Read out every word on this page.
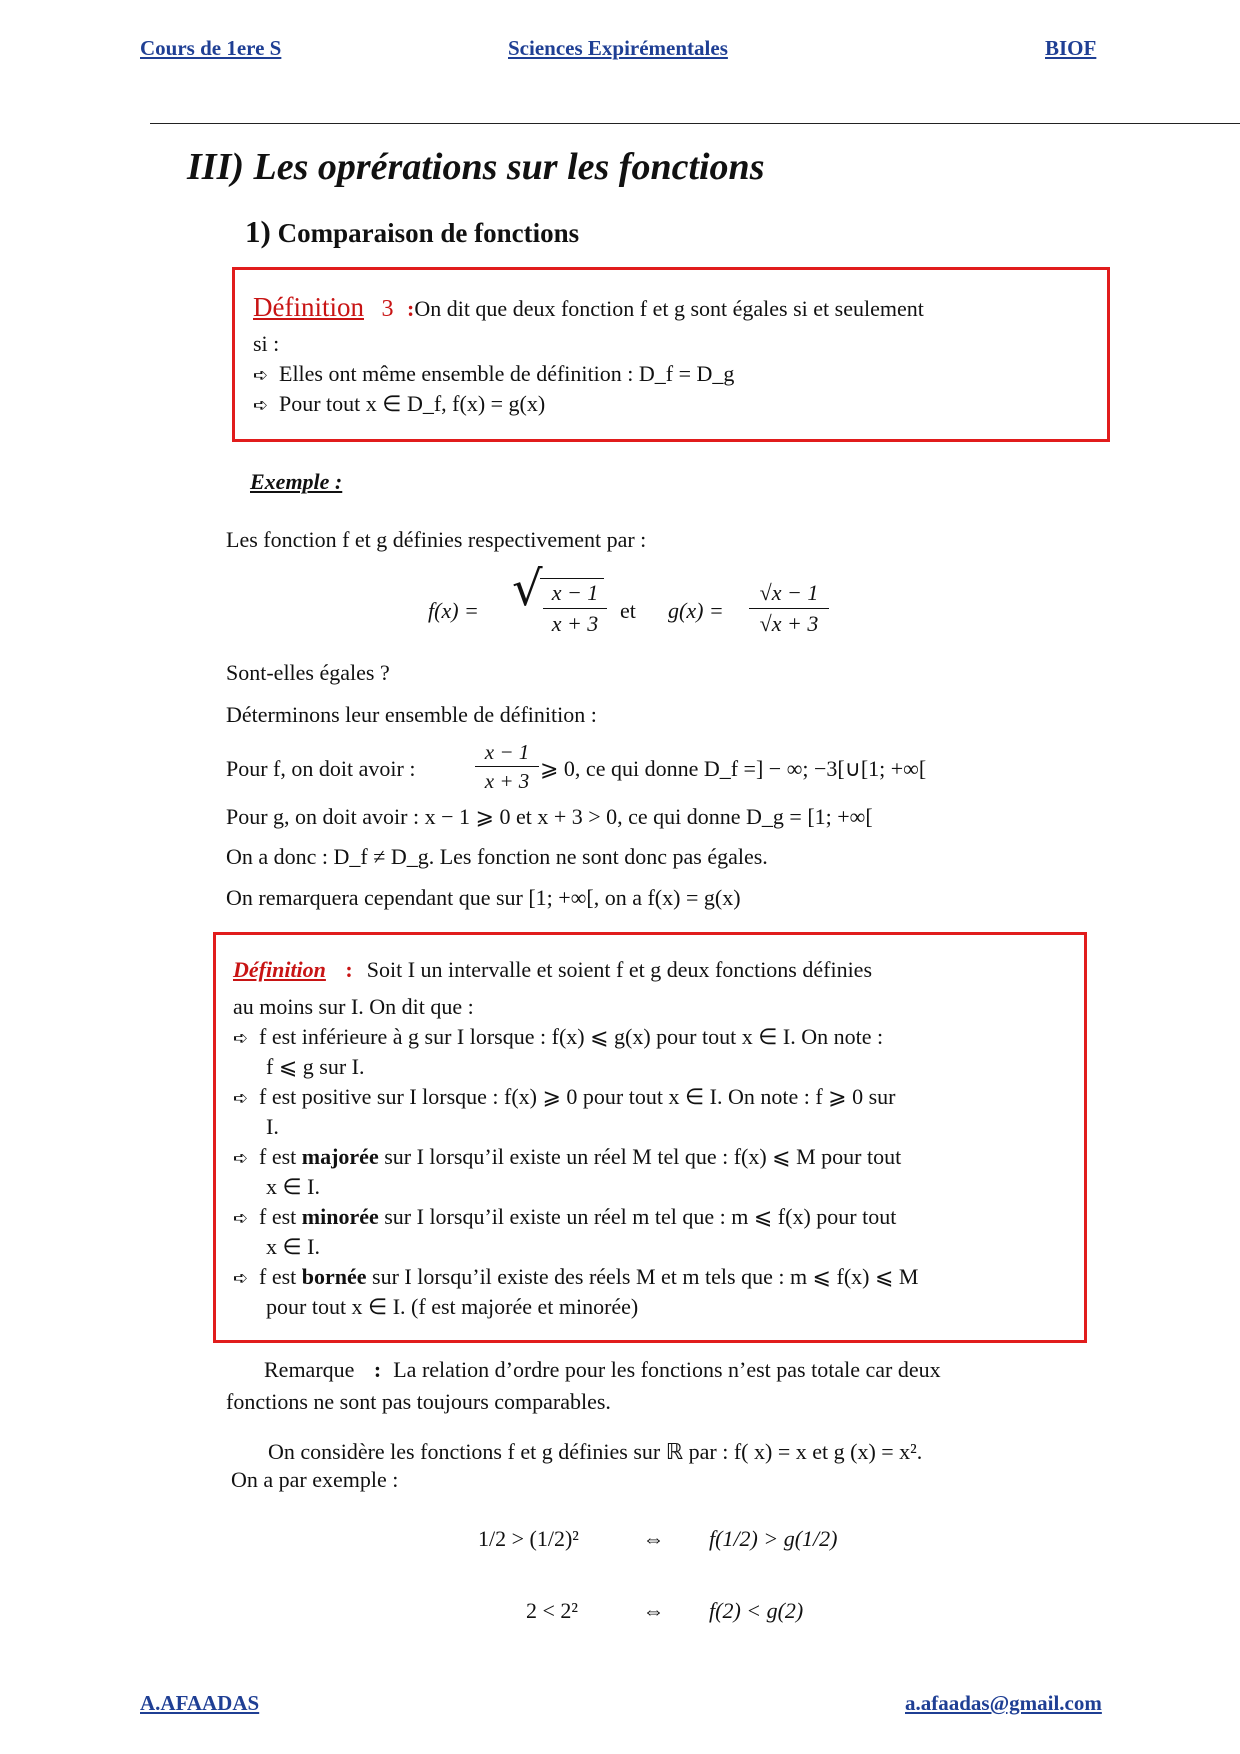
Cours de 1ere S	Sciences Expirémentales	BIOF
III) Les oprérations sur les fonctions
1) Comparaison de fonctions
Définition 3 :On dit que deux fonction f et g sont égales si et seulement
si :
➪ Elles ont même ensemble de définition : D_f = D_g
➪ Pour tout x ∈ D_f, f(x) = g(x)
Exemple :
Les fonction f et g définies respectivement par :
f(x) = √ $\frac{x - 1}{x + 3}$ et $g(x) = \frac{√x - 1}{√x + 3}$
Sont-elles égales ?
Déterminons leur ensemble de définition :
Pour f, on doit avoir :	$\frac{x - 1}{x + 3}$ ⩾ 0, ce qui donne D_f =] − ∞; −3[∪[1; +∞[
Pour g, on doit avoir : x − 1 ⩾ 0 et x + 3 > 0, ce qui donne D_g = [1; +∞[
On a donc : D_f ≠ D_g. Les fonction ne sont donc pas égales.
On remarquera cependant que sur [1; +∞[, on a f(x) = g(x)
Définition : Soit I un intervalle et soient f et g deux fonctions définies
au moins sur I. On dit que :
➪ f est inférieure à g sur I lorsque : f(x) ⩽ g(x) pour tout x ∈ I. On note :
f ⩽ g sur I.
➪ f est positive sur I lorsque : f(x) ⩾ 0 pour tout x ∈ I. On note : f ⩾ 0 sur
I.
➪ f est majorée sur I lorsqu’il existe un réel M tel que : f(x) ⩽ M pour tout
x ∈ I.
➪ f est minorée sur I lorsqu’il existe un réel m tel que : m ⩽ f(x) pour tout
x ∈ I.
➪ f est bornée sur I lorsqu’il existe des réels M et m tels que : m ⩽ f(x) ⩽ M
pour tout x ∈ I. (f est majorée et minorée)
Remarque : La relation d’ordre pour les fonctions n’est pas totale car deux
fonctions ne sont pas toujours comparables.
On considère les fonctions f et g définies sur ℝ par : f( x) = x et g (x) = x².
On a par exemple :
1/2 > (1/2)²	⇔ f(1/2) > g(1/2)
2 < 2²	⇔ f(2) < g(2)
A.AFAADAS	a.afaadas@gmail.com
